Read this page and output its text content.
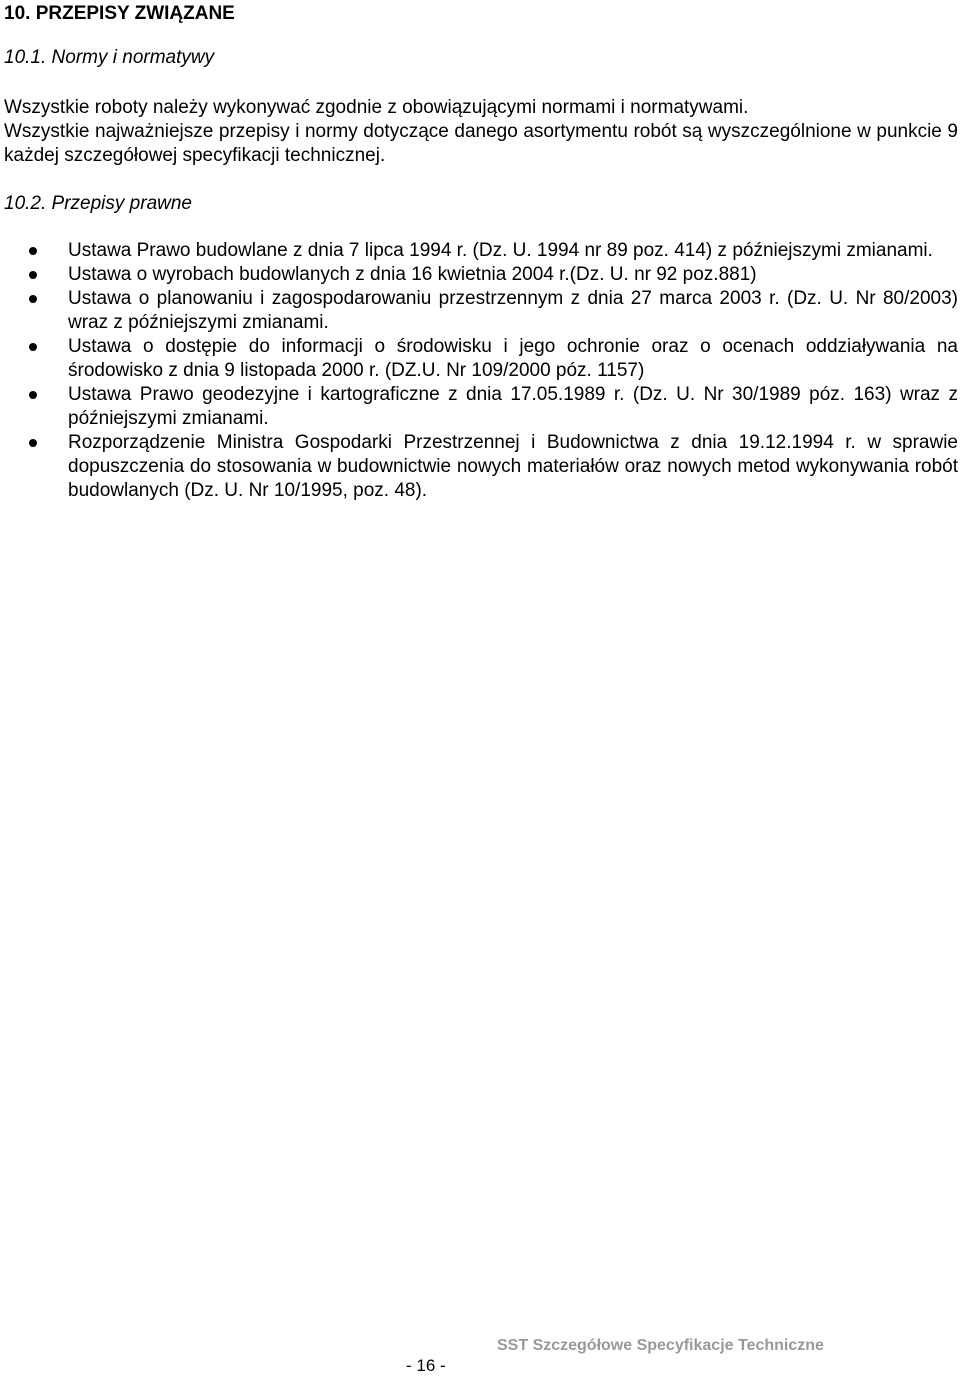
10. PRZEPISY ZWIĄZANE
10.1. Normy i normatywy

Wszystkie roboty należy wykonywać zgodnie z obowiązującymi normami i normatywami.

Wszystkie najważniejsze przepisy i normy dotyczące danego asortymentu robót są wyszczególnione w punkcie 9 każdej szczegółowej specyfikacji technicznej.

10.2. Przepisy prawne
Ustawa Prawo budowlane z dnia 7 lipca 1994 r. (Dz. U. 1994 nr 89 poz. 414) z późniejszymi zmianami.
Ustawa o wyrobach budowlanych z dnia 16 kwietnia 2004 r.(Dz. U. nr 92 poz.881)
Ustawa o planowaniu i zagospodarowaniu przestrzennym z dnia 27 marca 2003 r. (Dz. U. Nr 80/2003) wraz z późniejszymi zmianami.
Ustawa o dostępie do informacji o środowisku i jego ochronie oraz o ocenach oddziaływania na środowisko z dnia 9 listopada 2000 r. (DZ.U. Nr 109/2000 póz. 1157)
Ustawa Prawo geodezyjne i kartograficzne z dnia 17.05.1989 r. (Dz. U. Nr 30/1989 póz. 163) wraz z późniejszymi zmianami.
Rozporządzenie Ministra Gospodarki Przestrzennej i Budownictwa z dnia 19.12.1994 r. w sprawie dopuszczenia do stosowania w budownictwie nowych materiałów oraz nowych metod wykonywania robót budowlanych (Dz. U. Nr 10/1995, poz. 48).
SST Szczegółowe Specyfikacje Techniczne
- 16 -
